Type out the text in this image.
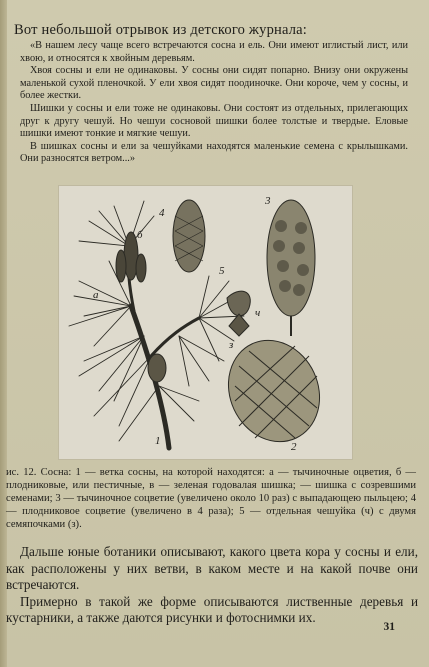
Вот небольшой отрывок из детского журнала:

«В нашем лесу чаще всего встречаются сосна и ель. Они имеют иглистый лист, или хвою, и относятся к хвойным деревьям.

Хвоя сосны и ели не одинаковы. У сосны они сидят попарно. Внизу они окружены маленькой сухой пленочкой. У ели хвоя сидят поодиночке. Они короче, чем у сосны, и более жестки.

Шишки у сосны и ели тоже не одинаковы. Они состоят из отдельных, прилегающих друг к другу чешуй. Но чешуи сосновой шишки более толстые и твердые. Еловые шишки имеют тонкие и мягкие чешуи.

В шишках сосны и ели за чешуйками находятся маленькие семена с крылышками. Они разносятся ветром...»

б
4
3
5
ч
з
а
1	2
ис. 12. Сосна: 1 — ветка сосны, на которой находятся: а — тычиночные оцветия, б — плодниковые, или пестичные, в — зеленая годовалая шишка; — шишка с созревшими семенами; 3 — тычиночное соцветие (увеличено около 10 раз) с выпадающею пыльцею; 4 — плодниковое соцветие (увеличено в 4 раза); 5 — отдельная чешуйка (ч) с двумя семяпочками (з).

Дальше юные ботаники описывают, какого цвета кора у сосны и ели, как расположены у них ветви, в каком месте и на какой почве они встречаются.

Примерно в такой же форме описываются лиственные деревья и кустарники, а также даются рисунки и фотоснимки их.

31
